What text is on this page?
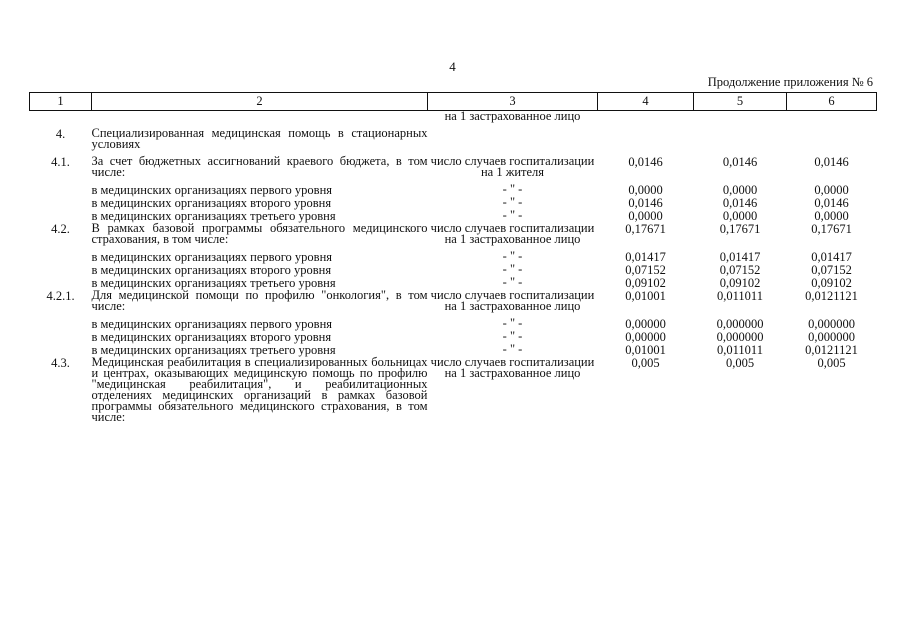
4
Продолжение приложения № 6
1	2	3	4	5	6
		на 1 застрахованное лицо			

4.	Специализированная медицинская помощь в стационарных условиях				

4.1.	За счет бюджетных ассигнований краевого бюджета, в том числе:	число случаев госпитализации на 1 жителя	0,0146	0,0146	0,0146

	в медицинских организациях первого уровня	- " -	0,0000	0,0000	0,0000
	в медицинских организациях второго уровня	- " -	0,0146	0,0146	0,0146
	в медицинских организациях третьего уровня	- " -	0,0000	0,0000	0,0000
4.2.	В рамках базовой программы обязательного медицинского страхования, в том числе:	число случаев госпитализации на 1 застрахованное лицо	0,17671	0,17671	0,17671

	в медицинских организациях первого уровня	- " -	0,01417	0,01417	0,01417
	в медицинских организациях второго уровня	- " -	0,07152	0,07152	0,07152
	в медицинских организациях третьего уровня	- " -	0,09102	0,09102	0,09102
4.2.1.	Для медицинской помощи по профилю "онкология", в том числе:	число случаев госпитализации на 1 застрахованное лицо	0,01001	0,011011	0,0121121

	в медицинских организациях первого уровня	- " -	0,00000	0,000000	0,000000
	в медицинских организациях второго уровня	- " -	0,00000	0,000000	0,000000
	в медицинских организациях третьего уровня	- " -	0,01001	0,011011	0,0121121
4.3.	Медицинская реабилитация в специализированных больницах и центрах, оказывающих медицинскую помощь по профилю "медицинская реабилитация", и реабилитационных отделениях медицинских организаций в рамках базовой программы обязательного медицинского страхования, в том числе:	число случаев госпитализации на 1 застрахованное лицо	0,005	0,005	0,005
